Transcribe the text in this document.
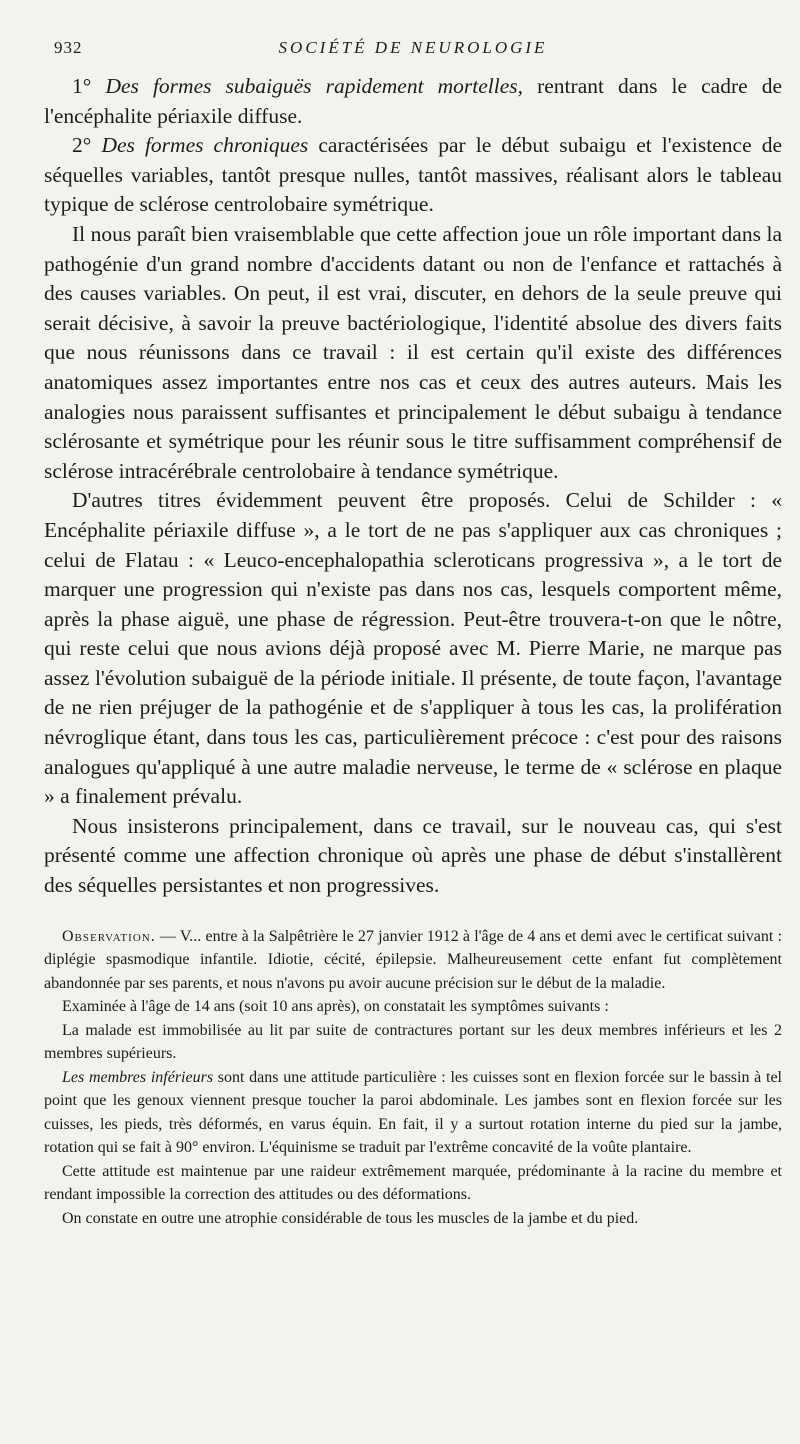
932	SOCIÉTÉ DE NEUROLOGIE

1° Des formes subaiguës rapidement mortelles, rentrant dans le cadre de l'encéphalite périaxile diffuse.

2° Des formes chroniques caractérisées par le début subaigu et l'existence de séquelles variables, tantôt presque nulles, tantôt massives, réalisant alors le tableau typique de sclérose centrolobaire symétrique.

Il nous paraît bien vraisemblable que cette affection joue un rôle important dans la pathogénie d'un grand nombre d'accidents datant ou non de l'enfance et rattachés à des causes variables. On peut, il est vrai, discuter, en dehors de la seule preuve qui serait décisive, à savoir la preuve bactériologique, l'identité absolue des divers faits que nous réunissons dans ce travail : il est certain qu'il existe des différences anatomiques assez importantes entre nos cas et ceux des autres auteurs. Mais les analogies nous paraissent suffisantes et principalement le début subaigu à tendance sclérosante et symétrique pour les réunir sous le titre suffisamment compréhensif de sclérose intracérébrale centrolobaire à tendance symétrique.

D'autres titres évidemment peuvent être proposés. Celui de Schilder : « Encéphalite périaxile diffuse », a le tort de ne pas s'appliquer aux cas chroniques ; celui de Flatau : « Leuco-encephalopathia scleroticans progressiva », a le tort de marquer une progression qui n'existe pas dans nos cas, lesquels comportent même, après la phase aiguë, une phase de régression. Peut-être trouvera-t-on que le nôtre, qui reste celui que nous avions déjà proposé avec M. Pierre Marie, ne marque pas assez l'évolution subaiguë de la période initiale. Il présente, de toute façon, l'avantage de ne rien préjuger de la pathogénie et de s'appliquer à tous les cas, la prolifération névroglique étant, dans tous les cas, particulièrement précoce : c'est pour des raisons analogues qu'appliqué à une autre maladie nerveuse, le terme de « sclérose en plaque » a finalement prévalu.

Nous insisterons principalement, dans ce travail, sur le nouveau cas, qui s'est présenté comme une affection chronique où après une phase de début s'installèrent des séquelles persistantes et non progressives.

Observation. — V... entre à la Salpêtrière le 27 janvier 1912 à l'âge de 4 ans et demi avec le certificat suivant : diplégie spasmodique infantile. Idiotie, cécité, épilepsie. Malheureusement cette enfant fut complètement abandonnée par ses parents, et nous n'avons pu avoir aucune précision sur le début de la maladie.

Examinée à l'âge de 14 ans (soit 10 ans après), on constatait les symptômes suivants :

La malade est immobilisée au lit par suite de contractures portant sur les deux membres inférieurs et les 2 membres supérieurs.

Les membres inférieurs sont dans une attitude particulière : les cuisses sont en flexion forcée sur le bassin à tel point que les genoux viennent presque toucher la paroi abdominale. Les jambes sont en flexion forcée sur les cuisses, les pieds, très déformés, en varus équin. En fait, il y a surtout rotation interne du pied sur la jambe, rotation qui se fait à 90° environ. L'équinisme se traduit par l'extrême concavité de la voûte plantaire.

Cette attitude est maintenue par une raideur extrêmement marquée, prédominante à la racine du membre et rendant impossible la correction des attitudes ou des déformations.

On constate en outre une atrophie considérable de tous les muscles de la jambe et du pied.
